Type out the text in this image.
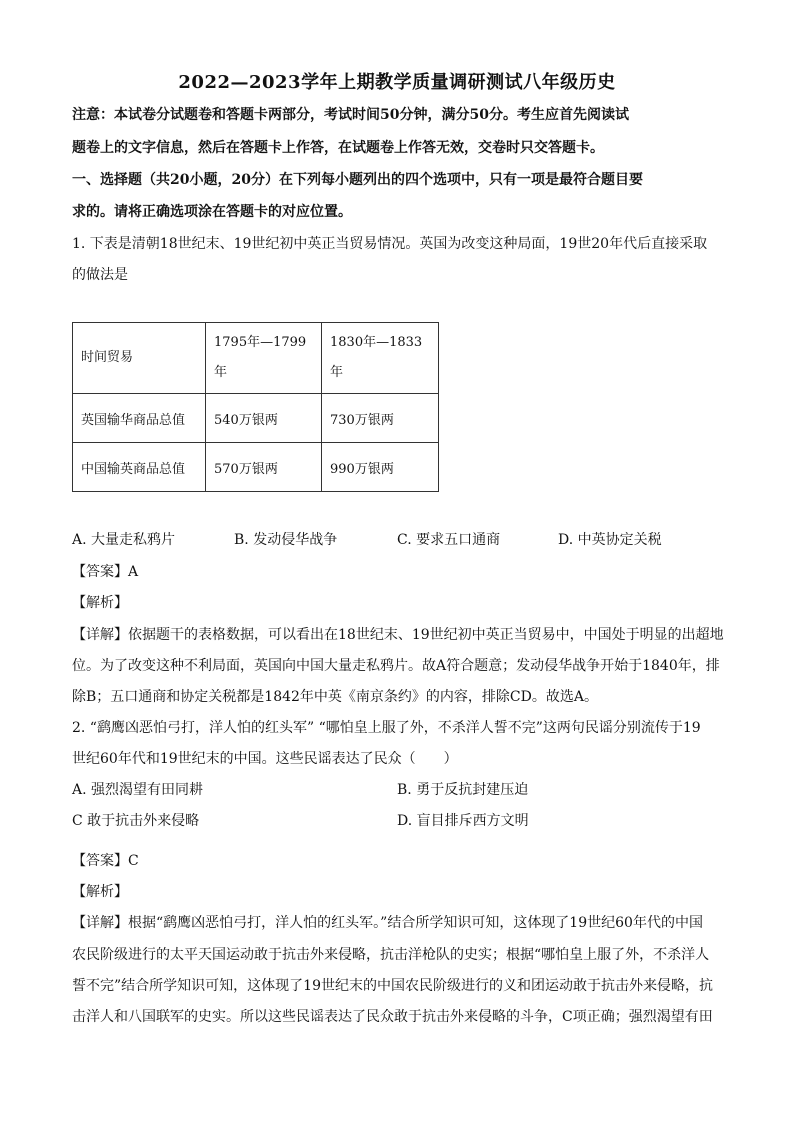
2022—2023学年上期教学质量调研测试八年级历史
注意：本试卷分试题卷和答题卡两部分，考试时间50分钟，满分50分。考生应首先阅读试
题卷上的文字信息，然后在答题卡上作答，在试题卷上作答无效，交卷时只交答题卡。
一、选择题（共20小题，20分）在下列每小题列出的四个选项中，只有一项是最符合题目要
求的。请将正确选项涂在答题卡的对应位置。
1. 下表是清朝18世纪末、19世纪初中英正当贸易情况。英国为改变这种局面，19世20年代后直接采取
的做法是
时间贸易	1795年—1799年	1830年—1833年
英国输华商品总值	540万银两	730万银两
中国输英商品总值	570万银两	990万银两
A. 大量走私鸦片	B. 发动侵华战争	C. 要求五口通商	D. 中英协定关税
【答案】A
【解析】
【详解】依据题干的表格数据，可以看出在18世纪末、19世纪初中英正当贸易中，中国处于明显的出超地
位。为了改变这种不利局面，英国向中国大量走私鸦片。故A符合题意；发动侵华战争开始于1840年，排
除B；五口通商和协定关税都是1842年中英《南京条约》的内容，排除CD。故选A。
2. “鹞鹰凶恶怕弓打，洋人怕的红头军” “哪怕皇上服了外，不杀洋人誓不完”这两句民谣分别流传于19
世纪60年代和19世纪末的中国。这些民谣表达了民众（　　）
A. 强烈渴望有田同耕	B. 勇于反抗封建压迫
C 敢于抗击外来侵略	D. 盲目排斥西方文明
【答案】C
【解析】
【详解】根据“鹞鹰凶恶怕弓打，洋人怕的红头军。”结合所学知识可知，这体现了19世纪60年代的中国
农民阶级进行的太平天国运动敢于抗击外来侵略，抗击洋枪队的史实；根据“哪怕皇上服了外，不杀洋人
誓不完”结合所学知识可知，这体现了19世纪末的中国农民阶级进行的义和团运动敢于抗击外来侵略，抗
击洋人和八国联军的史实。所以这些民谣表达了民众敢于抗击外来侵略的斗争，C项正确；强烈渴望有田
